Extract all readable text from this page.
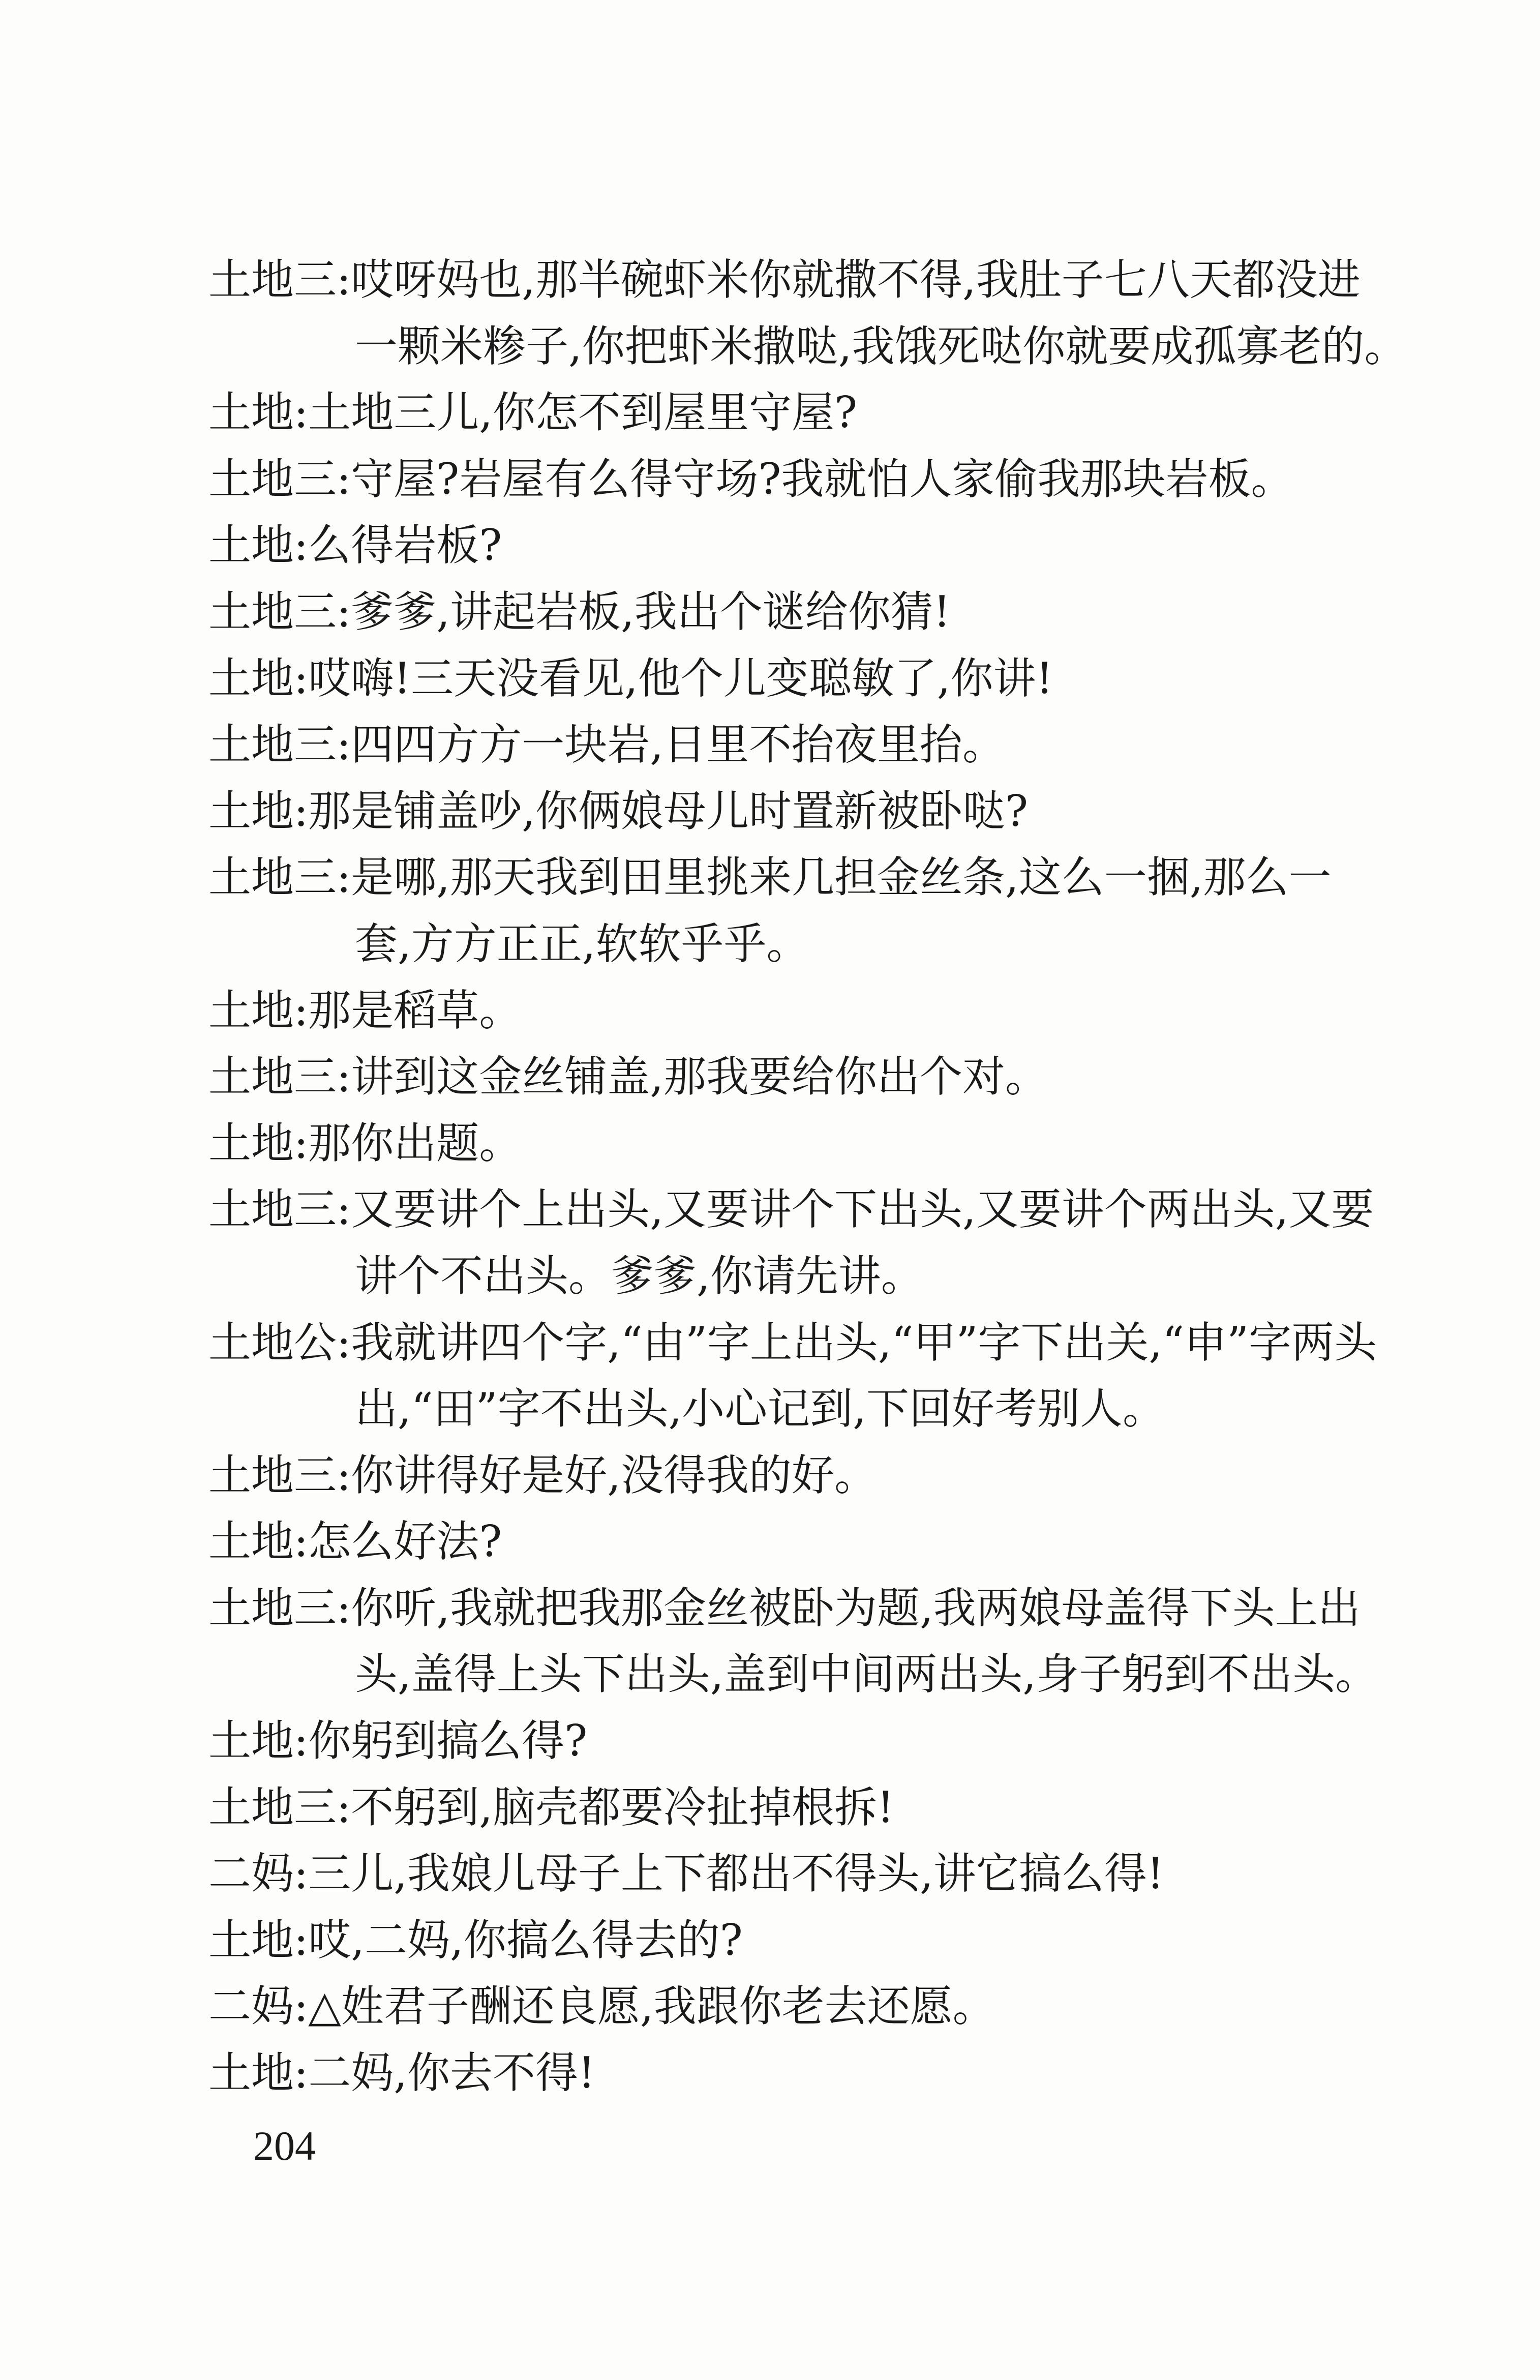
土地三:哎呀妈也,那半碗虾米你就撒不得,我肚子七八天都没进
一颗米糁子,你把虾米撒哒,我饿死哒你就要成孤寡老的。
土地:土地三儿,你怎不到屋里守屋?
土地三:守屋?岩屋有么得守场?我就怕人家偷我那块岩板。
土地:么得岩板?
土地三:爹爹,讲起岩板,我出个谜给你猜!
土地:哎嗨!三天没看见,他个儿变聪敏了,你讲!
土地三:四四方方一块岩,日里不抬夜里抬。
土地:那是铺盖吵,你俩娘母儿时置新被卧哒?
土地三:是哪,那天我到田里挑来几担金丝条,这么一捆,那么一
套,方方正正,软软乎乎。
土地:那是稻草。
土地三:讲到这金丝铺盖,那我要给你出个对。
土地:那你出题。
土地三:又要讲个上出头,又要讲个下出头,又要讲个两出头,又要
讲个不出头。爹爹,你请先讲。
土地公:我就讲四个字,“由”字上出头,“甲”字下出关,“申”字两头
出,“田”字不出头,小心记到,下回好考别人。
土地三:你讲得好是好,没得我的好。
土地:怎么好法?
土地三:你听,我就把我那金丝被卧为题,我两娘母盖得下头上出
头,盖得上头下出头,盖到中间两出头,身子躬到不出头。
土地:你躬到搞么得?
土地三:不躬到,脑壳都要冷扯掉根拆!
二妈:三儿,我娘儿母子上下都出不得头,讲它搞么得!
土地:哎,二妈,你搞么得去的?
二妈:△姓君子酬还良愿,我跟你老去还愿。
土地:二妈,你去不得!
204
